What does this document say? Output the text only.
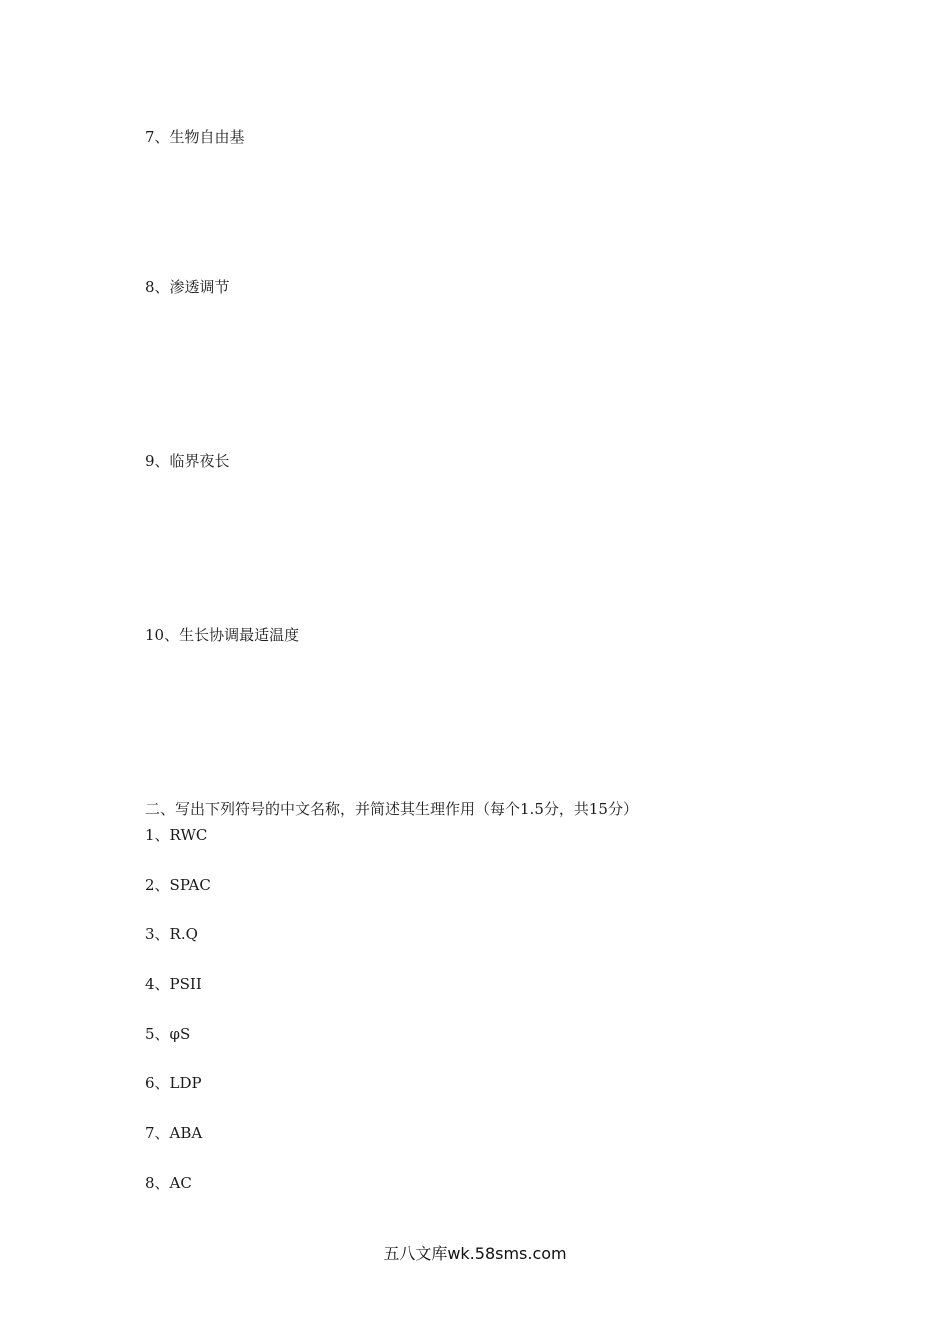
7、生物自由基
8、渗透调节
9、临界夜长
10、生长协调最适温度
二、写出下列符号的中文名称，并简述其生理作用（每个1.5分，共15分）
1、RWC
2、SPAC
3、R.Q
4、PSII
5、φS
6、LDP
7、ABA
8、AC
五八文库wk.58sms.com
